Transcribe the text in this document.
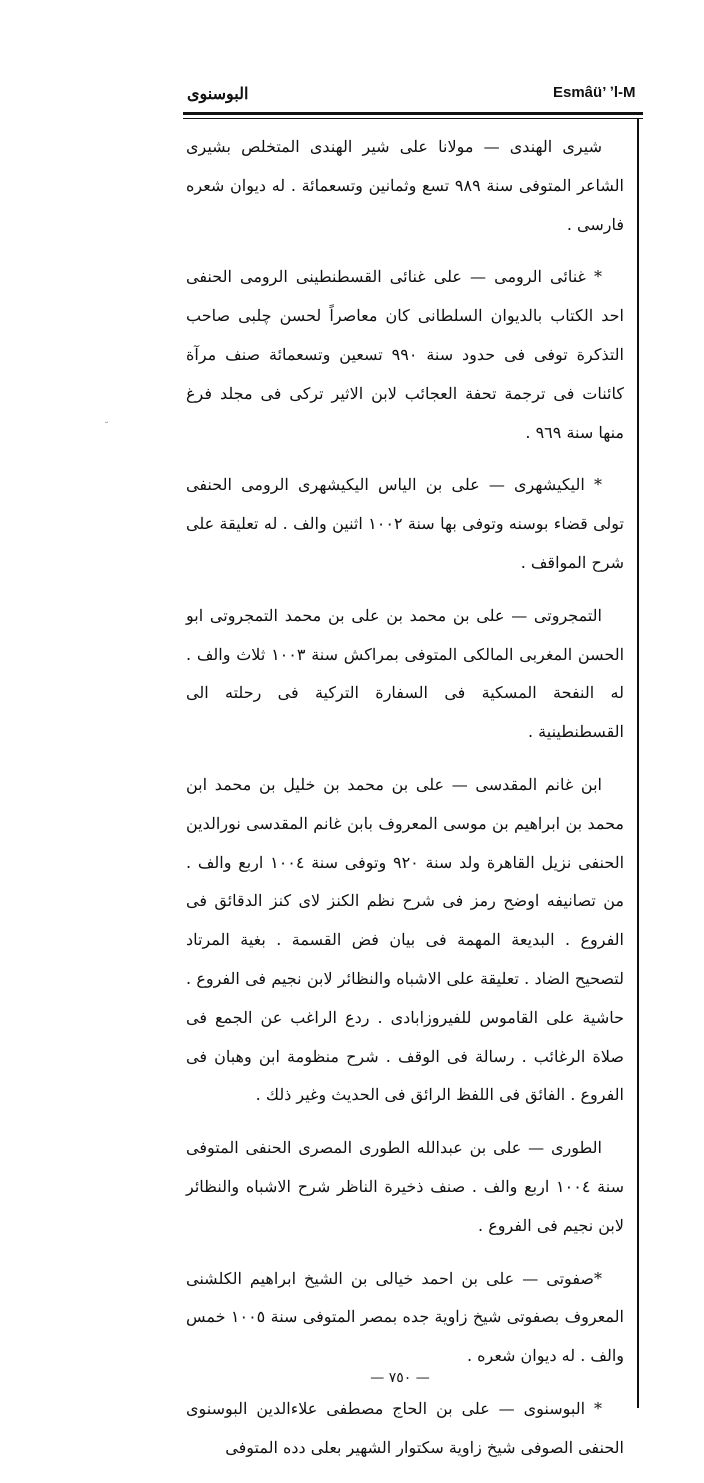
Esmâü’ ʼl-M
البوسنوى
˘

شيرى الهندى — مولانا على شير الهندى المتخلص بشيرى الشاعر المتوفى سنة ٩٨٩ تسع وثمانين وتسعمائة . له ديوان شعره فارسى .

* غنائى الرومى — على غنائى القسطنطينى الرومى الحنفى احد الكتاب بالديوان السلطانى كان معاصراً لحسن چلبى صاحب التذكرة توفى فى حدود سنة ٩٩٠ تسعين وتسعمائة صنف مرآة كائنات فى ترجمة تحفة العجائب لابن الاثير تركى فى مجلد فرغ منها سنة ٩٦٩ .

* اليكيشهرى — على بن الياس اليكيشهرى الرومى الحنفى تولى قضاء بوسنه وتوفى بها سنة ١٠٠٢ اثنين والف . له تعليقة على شرح المواقف .

التمجروتى — على بن محمد بن على بن محمد التمجروتى ابو الحسن المغربى المالكى المتوفى بمراكش سنة ١٠٠٣ ثلاث والف . له النفحة المسكية فى السفارة التركية فى رحلته الى القسطنطينية .

ابن غانم المقدسى — على بن محمد بن خليل بن محمد ابن محمد بن ابراهيم بن موسى المعروف بابن غانم المقدسى نورالدين الحنفى نزيل القاهرة ولد سنة ٩٢٠ وتوفى سنة ١٠٠٤ اربع والف . من تصانيفه اوضح رمز فى شرح نظم الكنز لاى كنز الدقائق فى الفروع . البديعة المهمة فى بيان فض القسمة . بغية المرتاد لتصحيح الضاد . تعليقة على الاشباه والنظائر لابن نجيم فى الفروع . حاشية على القاموس للفيروزابادى . ردع الراغب عن الجمع فى صلاة الرغائب . رسالة فى الوقف . شرح منظومة ابن وهبان فى الفروع . الفائق فى اللفظ الرائق فى الحديث وغير ذلك .

الطورى — على بن عبدالله الطورى المصرى الحنفى المتوفى سنة ١٠٠٤ اربع والف . صنف ذخيرة الناظر شرح الاشباه والنظائر لابن نجيم فى الفروع .

*صفوتى — على بن احمد خيالى بن الشيخ ابراهيم الكلشنى المعروف بصفوتى شيخ زاوية جده بمصر المتوفى سنة ١٠٠٥ خمس والف . له ديوان شعره .

* البوسنوى — على بن الحاج مصطفى علاءالدين البوسنوى الحنفى الصوفى شيخ زاوية سكتوار الشهير بعلى دده المتوفى

— ٧٥٠ —
